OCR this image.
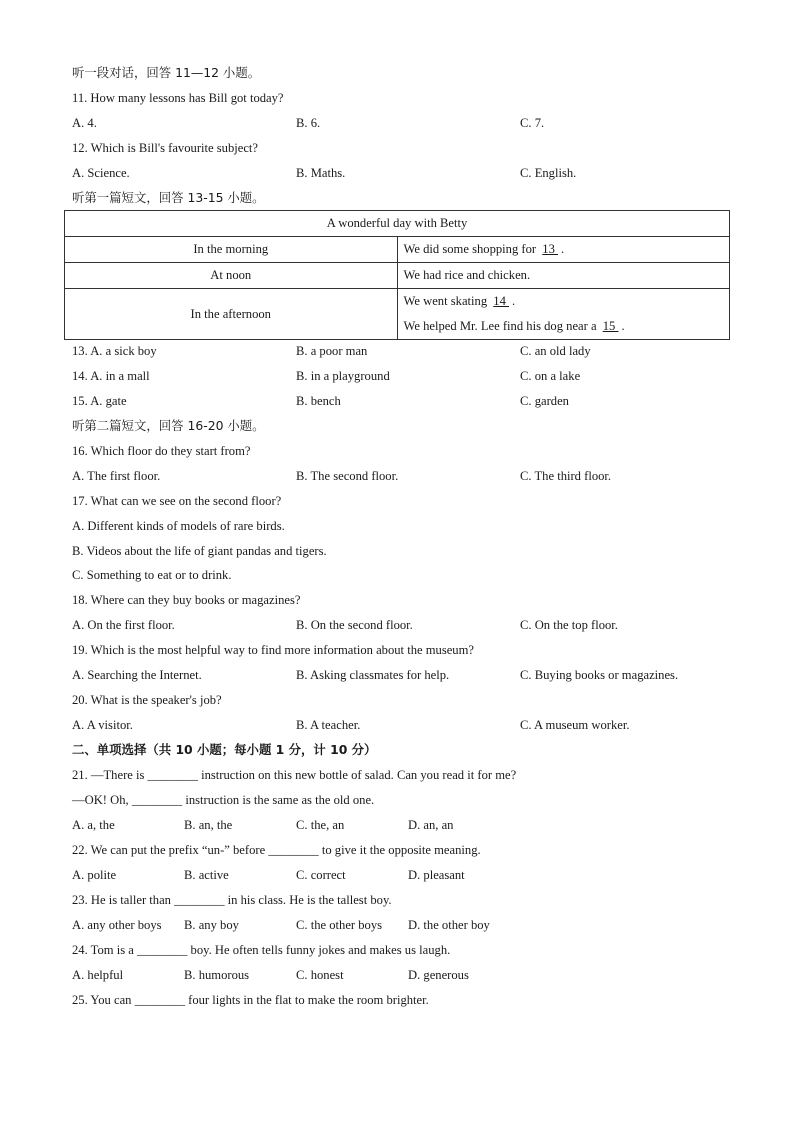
听一段对话，回答 11—12 小题。
11. How many lessons has Bill got today?
A. 4.	B. 6.	C. 7.
12. Which is Bill's favourite subject?
A. Science.	B. Maths.	C. English.
听第一篇短文，回答 13-15 小题。
A wonderful day with Betty	
In the morning	We did some shopping for 13 .
At noon	We had rice and chicken.
In the afternoon	We went skating 14 .
We helped Mr. Lee find his dog near a 15 .
13. A. a sick boy	B. a poor man	C. an old lady
14. A. in a mall	B. in a playground	C. on a lake
15. A. gate	B. bench	C. garden
听第二篇短文，回答 16-20 小题。
16. Which floor do they start from?
A. The first floor.	B. The second floor.	C. The third floor.
17. What can we see on the second floor?
A. Different kinds of models of rare birds.
B. Videos about the life of giant pandas and tigers.
C. Something to eat or to drink.
18. Where can they buy books or magazines?
A. On the first floor.	B. On the second floor.	C. On the top floor.
19. Which is the most helpful way to find more information about the museum?
A. Searching the Internet.	B. Asking classmates for help.	C. Buying books or magazines.
20. What is the speaker's job?
A. A visitor.	B. A teacher.	C. A museum worker.
二、单项选择（共 10 小题；每小题 1 分，计 10 分）
21. —There is ________ instruction on this new bottle of salad. Can you read it for me?
—OK! Oh, ________ instruction is the same as the old one.
A. a, the	B. an, the	C. the, an	D. an, an
22. We can put the prefix “un-” before ________ to give it the opposite meaning.
A. polite	B. active	C. correct	D. pleasant
23. He is taller than ________ in his class. He is the tallest boy.
A. any other boys B. any boy	C. the other boys D. the other boy
24. Tom is a ________ boy. He often tells funny jokes and makes us laugh.
A. helpful	B. humorous	C. honest	D. generous
25. You can ________ four lights in the flat to make the room brighter.
